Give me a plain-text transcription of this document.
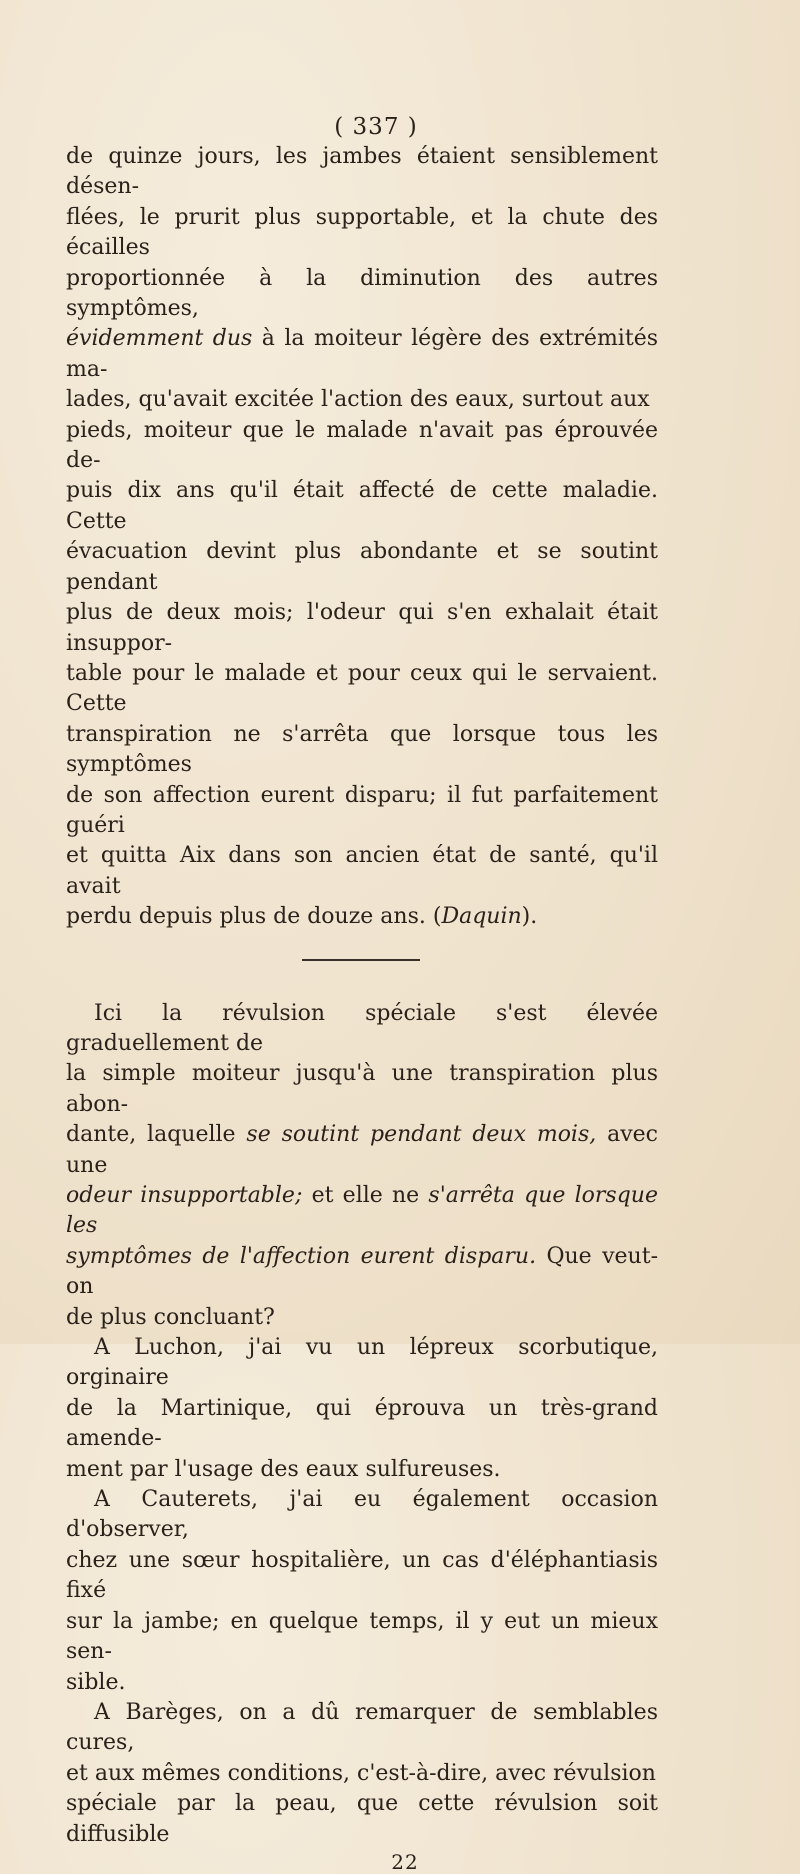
( 337 )
de quinze jours, les jambes étaient sensiblement désen-
flées, le prurit plus supportable, et la chute des écailles
proportionnée à la diminution des autres symptômes,
évidemment dus à la moiteur légère des extrémités ma-
lades, qu'avait excitée l'action des eaux, surtout aux
pieds, moiteur que le malade n'avait pas éprouvée de-
puis dix ans qu'il était affecté de cette maladie. Cette
évacuation devint plus abondante et se soutint pendant
plus de deux mois; l'odeur qui s'en exhalait était insuppor-
table pour le malade et pour ceux qui le servaient. Cette
transpiration ne s'arrêta que lorsque tous les symptômes
de son affection eurent disparu; il fut parfaitement guéri
et quitta Aix dans son ancien état de santé, qu'il avait
perdu depuis plus de douze ans. (Daquin).
Ici la révulsion spéciale s'est élevée graduellement de
la simple moiteur jusqu'à une transpiration plus abon-
dante, laquelle se soutint pendant deux mois, avec une
odeur insupportable; et elle ne s'arrêta que lorsque les
symptômes de l'affection eurent disparu. Que veut-on
de plus concluant?
A Luchon, j'ai vu un lépreux scorbutique, orginaire
de la Martinique, qui éprouva un très-grand amende-
ment par l'usage des eaux sulfureuses.
A Cauterets, j'ai eu également occasion d'observer,
chez une sœur hospitalière, un cas d'éléphantiasis fixé
sur la jambe; en quelque temps, il y eut un mieux sen-
sible.
A Barèges, on a dû remarquer de semblables cures,
et aux mêmes conditions, c'est-à-dire, avec révulsion
spéciale par la peau, que cette révulsion soit diffusible
22
